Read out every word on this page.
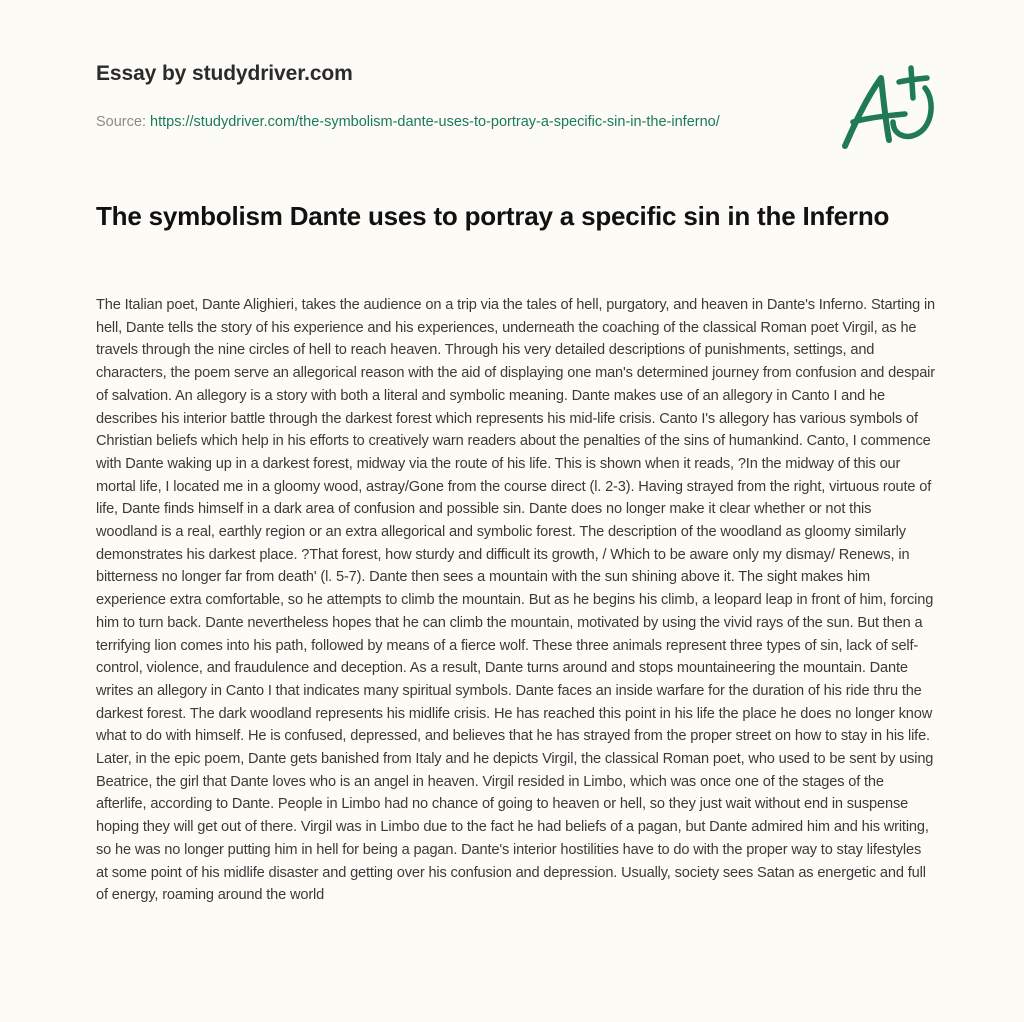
Essay by studydriver.com
Source: https://studydriver.com/the-symbolism-dante-uses-to-portray-a-specific-sin-in-the-inferno/
The symbolism Dante uses to portray a specific sin in the Inferno

The Italian poet, Dante Alighieri, takes the audience on a trip via the tales of hell, purgatory, and heaven in Dante's Inferno. Starting in hell, Dante tells the story of his experience and his experiences, underneath the coaching of the classical Roman poet Virgil, as he travels through the nine circles of hell to reach heaven. Through his very detailed descriptions of punishments, settings, and characters, the poem serve an allegorical reason with the aid of displaying one man's determined journey from confusion and despair of salvation. An allegory is a story with both a literal and symbolic meaning. Dante makes use of an allegory in Canto I and he describes his interior battle through the darkest forest which represents his mid-life crisis. Canto I's allegory has various symbols of Christian beliefs which help in his efforts to creatively warn readers about the penalties of the sins of humankind. Canto, I commence with Dante waking up in a darkest forest, midway via the route of his life. This is shown when it reads, ?In the midway of this our mortal life, I located me in a gloomy wood, astray/Gone from the course direct (l. 2-3). Having strayed from the right, virtuous route of life, Dante finds himself in a dark area of confusion and possible sin. Dante does no longer make it clear whether or not this woodland is a real, earthly region or an extra allegorical and symbolic forest. The description of the woodland as gloomy similarly demonstrates his darkest place. ?That forest, how sturdy and difficult its growth, / Which to be aware only my dismay/ Renews, in bitterness no longer far from death' (l. 5-7). Dante then sees a mountain with the sun shining above it. The sight makes him experience extra comfortable, so he attempts to climb the mountain. But as he begins his climb, a leopard leap in front of him, forcing him to turn back. Dante nevertheless hopes that he can climb the mountain, motivated by using the vivid rays of the sun. But then a terrifying lion comes into his path, followed by means of a fierce wolf. These three animals represent three types of sin, lack of self-control, violence, and fraudulence and deception. As a result, Dante turns around and stops mountaineering the mountain. Dante writes an allegory in Canto I that indicates many spiritual symbols. Dante faces an inside warfare for the duration of his ride thru the darkest forest. The dark woodland represents his midlife crisis. He has reached this point in his life the place he does no longer know what to do with himself. He is confused, depressed, and believes that he has strayed from the proper street on how to stay in his life. Later, in the epic poem, Dante gets banished from Italy and he depicts Virgil, the classical Roman poet, who used to be sent by using Beatrice, the girl that Dante loves who is an angel in heaven. Virgil resided in Limbo, which was once one of the stages of the afterlife, according to Dante. People in Limbo had no chance of going to heaven or hell, so they just wait without end in suspense hoping they will get out of there. Virgil was in Limbo due to the fact he had beliefs of a pagan, but Dante admired him and his writing, so he was no longer putting him in hell for being a pagan. Dante's interior hostilities have to do with the proper way to stay lifestyles at some point of his midlife disaster and getting over his confusion and depression. Usually, society sees Satan as energetic and full of energy, roaming around the world
